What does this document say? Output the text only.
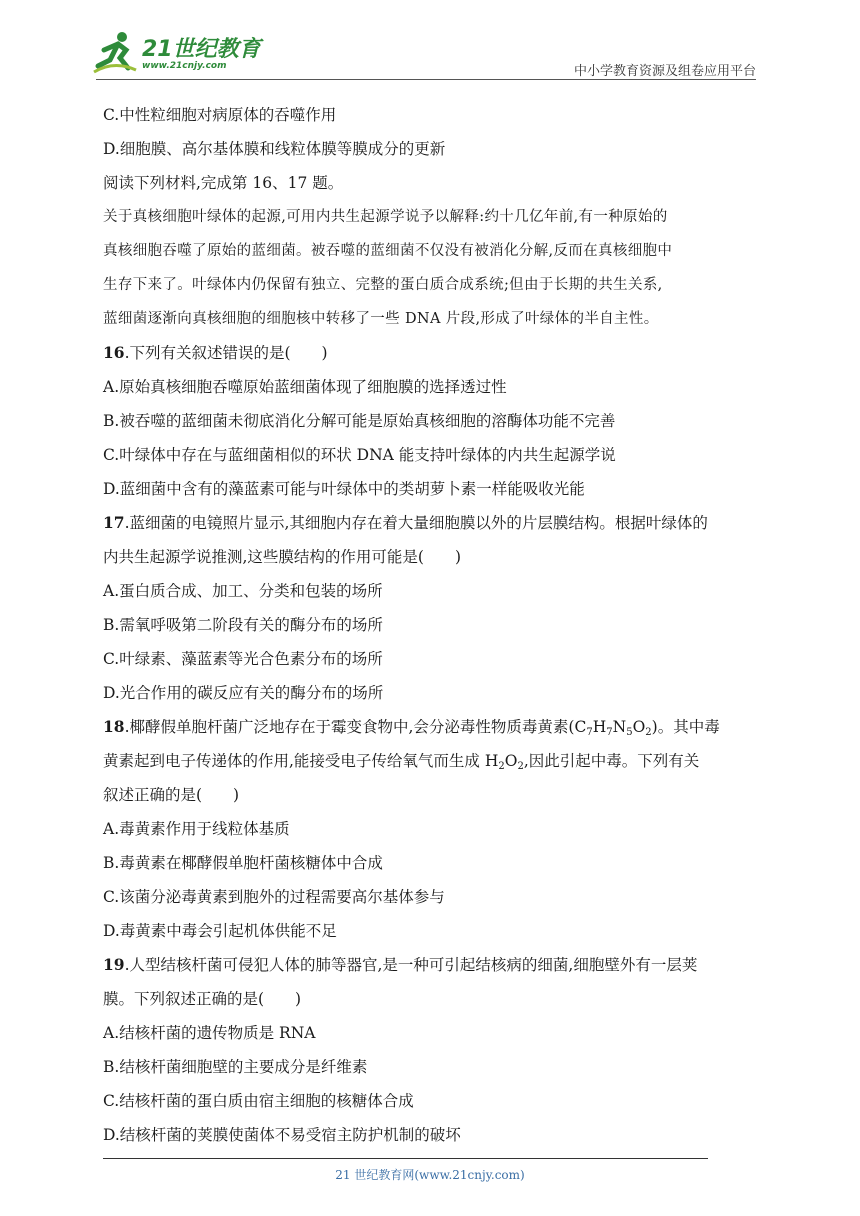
21世纪教育
www.21cnjy.com	中小学教育资源及组卷应用平台
C.中性粒细胞对病原体的吞噬作用
D.细胞膜、高尔基体膜和线粒体膜等膜成分的更新
阅读下列材料,完成第 16、17 题。
关于真核细胞叶绿体的起源,可用内共生起源学说予以解释:约十几亿年前,有一种原始的
真核细胞吞噬了原始的蓝细菌。被吞噬的蓝细菌不仅没有被消化分解,反而在真核细胞中
生存下来了。叶绿体内仍保留有独立、完整的蛋白质合成系统;但由于长期的共生关系,
蓝细菌逐渐向真核细胞的细胞核中转移了一些 DNA 片段,形成了叶绿体的半自主性。
16.下列有关叙述错误的是(　　)
A.原始真核细胞吞噬原始蓝细菌体现了细胞膜的选择透过性
B.被吞噬的蓝细菌未彻底消化分解可能是原始真核细胞的溶酶体功能不完善
C.叶绿体中存在与蓝细菌相似的环状 DNA 能支持叶绿体的内共生起源学说
D.蓝细菌中含有的藻蓝素可能与叶绿体中的类胡萝卜素一样能吸收光能
17.蓝细菌的电镜照片显示,其细胞内存在着大量细胞膜以外的片层膜结构。根据叶绿体的
内共生起源学说推测,这些膜结构的作用可能是(　　)
A.蛋白质合成、加工、分类和包装的场所
B.需氧呼吸第二阶段有关的酶分布的场所
C.叶绿素、藻蓝素等光合色素分布的场所
D.光合作用的碳反应有关的酶分布的场所
18.椰酵假单胞杆菌广泛地存在于霉变食物中,会分泌毒性物质毒黄素$(C_7H_7N_5O_2)$。其中毒
黄素起到电子传递体的作用,能接受电子传给氧气而生成 $H_2O_2$,因此引起中毒。下列有关
叙述正确的是(　　)
A.毒黄素作用于线粒体基质
B.毒黄素在椰酵假单胞杆菌核糖体中合成
C.该菌分泌毒黄素到胞外的过程需要高尔基体参与
D.毒黄素中毒会引起机体供能不足
19.人型结核杆菌可侵犯人体的肺等器官,是一种可引起结核病的细菌,细胞壁外有一层荚
膜。下列叙述正确的是(　　)
A.结核杆菌的遗传物质是 RNA
B.结核杆菌细胞壁的主要成分是纤维素
C.结核杆菌的蛋白质由宿主细胞的核糖体合成
D.结核杆菌的荚膜使菌体不易受宿主防护机制的破坏
21 世纪教育网(www.21cnjy.com)
